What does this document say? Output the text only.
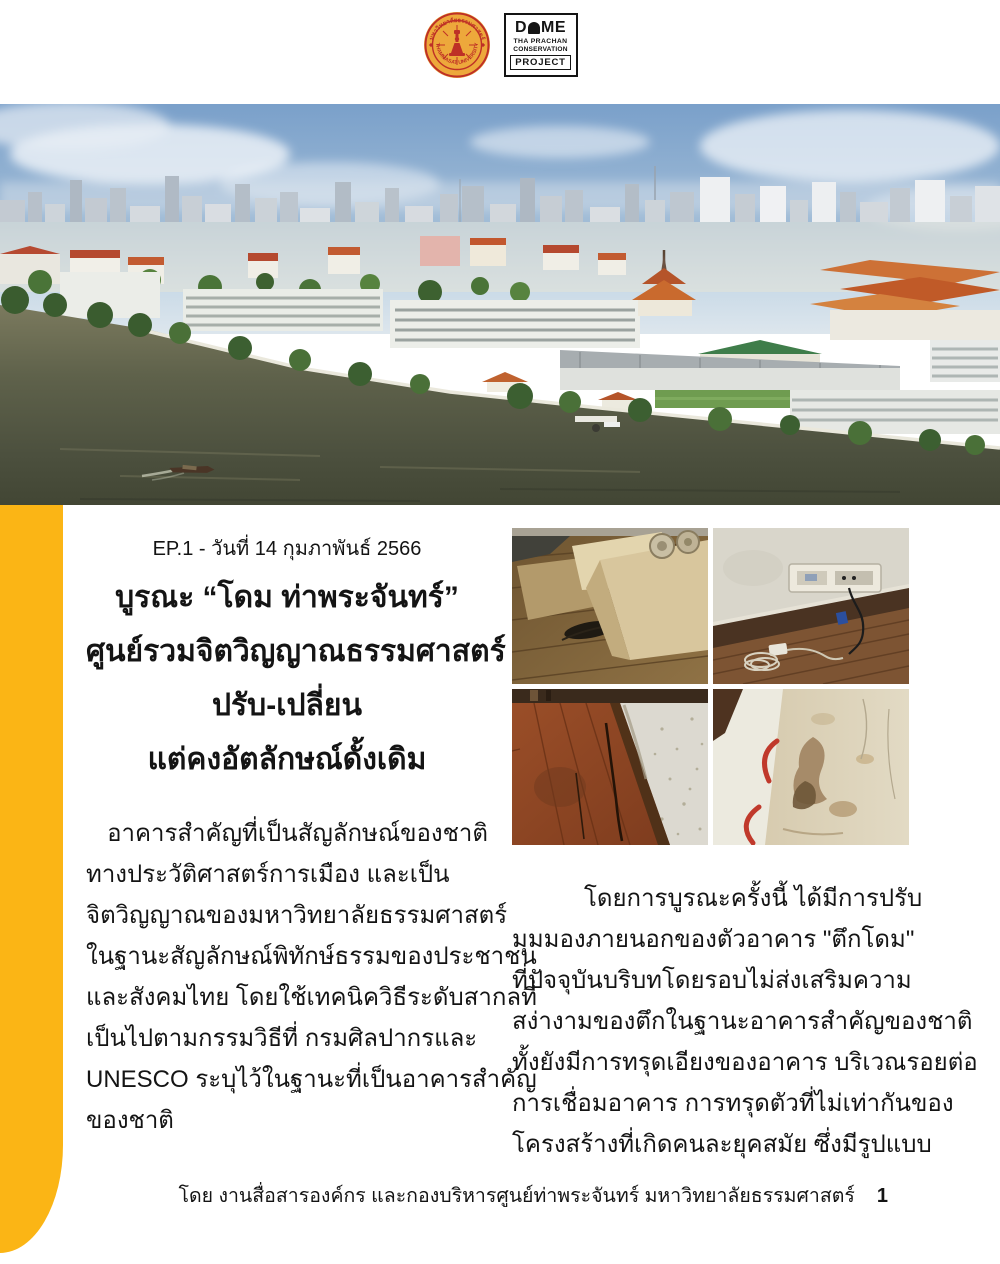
มหาวิทยาลัยธรรมศาสตร์
THAMMASAT UNIVERSITY
D ME
THA PRACHAN
CONSERVATION
PROJECT
EP.1 - วันที่ 14 กุมภาพันธ์ 2566
บูรณะ “โดม ท่าพระจันทร์”
ศูนย์รวมจิตวิญญาณธรรมศาสตร์
ปรับ-เปลี่ยน
แต่คงอัตลักษณ์ดั้งเดิม
อาคารสำคัญที่เป็นสัญลักษณ์ของชาติ
ทางประวัติศาสตร์การเมือง และเป็น
จิตวิญญาณของมหาวิทยาลัยธรรมศาสตร์
ในฐานะสัญลักษณ์พิทักษ์ธรรมของประชาชน
และสังคมไทย โดยใช้เทคนิควิธีระดับสากลที่
เป็นไปตามกรรมวิธีที่ กรมศิลปากรและ
UNESCO ระบุไว้ในฐานะที่เป็นอาคารสำคัญ
ของชาติ
โดยการบูรณะครั้งนี้ ได้มีการปรับ
มุมมองภายนอกของตัวอาคาร "ตึกโดม"
ที่ปัจจุบันบริบทโดยรอบไม่ส่งเสริมความ
สง่างามของตึกในฐานะอาคารสำคัญของชาติ
ทั้งยังมีการทรุดเอียงของอาคาร บริเวณรอยต่อ
การเชื่อมอาคาร การทรุดตัวที่ไม่เท่ากันของ
โครงสร้างที่เกิดคนละยุคสมัย ซึ่งมีรูปแบบ
โดย งานสื่อสารองค์กร และกองบริหารศูนย์ท่าพระจันทร์ มหาวิทยาลัยธรรมศาสตร์ 1
